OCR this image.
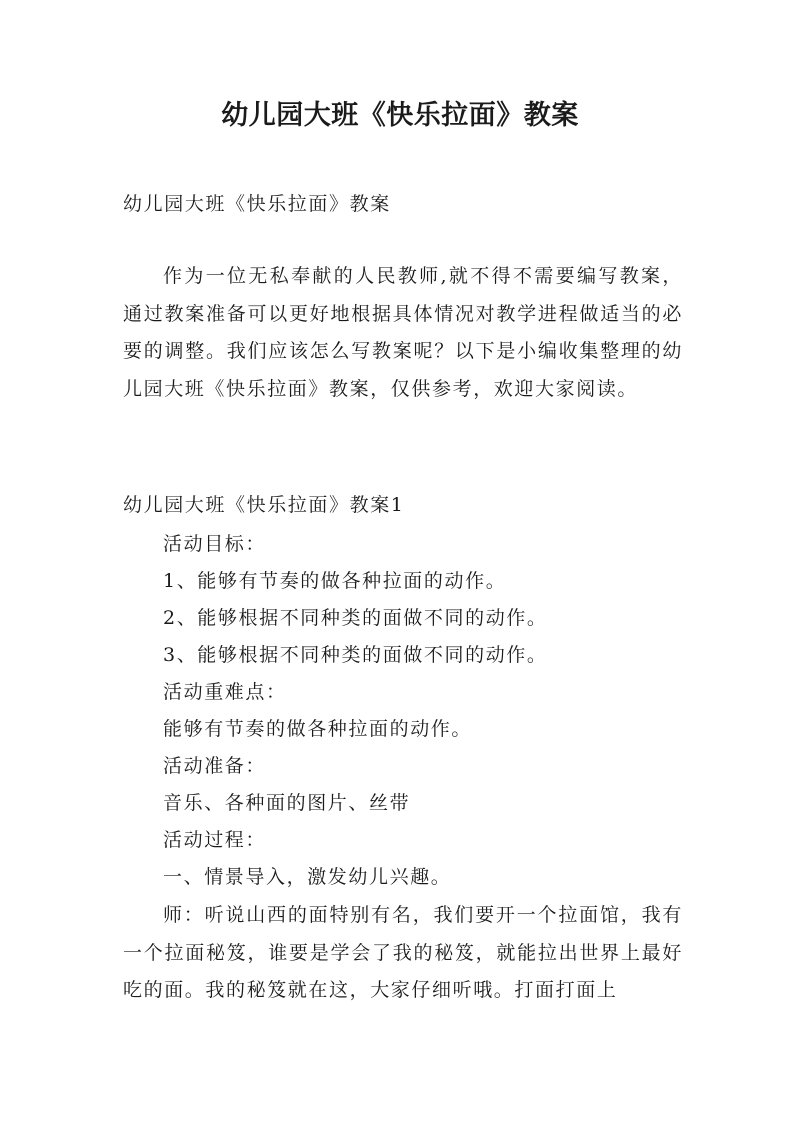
幼儿园大班《快乐拉面》教案
幼儿园大班《快乐拉面》教案

作为一位无私奉献的人民教师,就不得不需要编写教案，通过教案准备可以更好地根据具体情况对教学进程做适当的必要的调整。我们应该怎么写教案呢？以下是小编收集整理的幼儿园大班《快乐拉面》教案，仅供参考，欢迎大家阅读。

幼儿园大班《快乐拉面》教案1
活动目标：
1、能够有节奏的做各种拉面的动作。
2、能够根据不同种类的面做不同的动作。
3、能够根据不同种类的面做不同的动作。
活动重难点：
能够有节奏的做各种拉面的动作。
活动准备：
音乐、各种面的图片、丝带
活动过程：
一、情景导入，激发幼儿兴趣。

师：听说山西的面特别有名，我们要开一个拉面馆，我有一个拉面秘笈，谁要是学会了我的秘笈，就能拉出世界上最好吃的面。我的秘笈就在这，大家仔细听哦。打面打面上
